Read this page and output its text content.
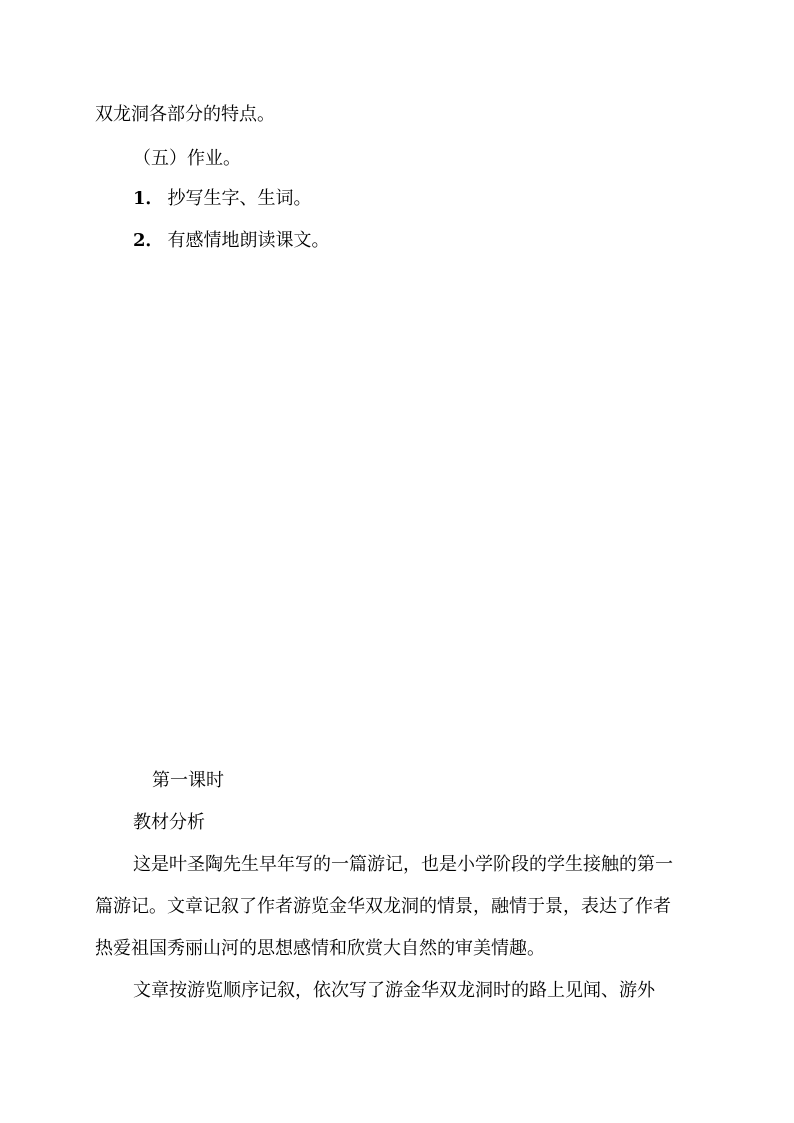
双龙洞各部分的特点。
（五）作业。
1． 抄写生字、生词。
2． 有感情地朗读课文。
第一课时
教材分析
这是叶圣陶先生早年写的一篇游记，也是小学阶段的学生接触的第一
篇游记。文章记叙了作者游览金华双龙洞的情景，融情于景，表达了作者
热爱祖国秀丽山河的思想感情和欣赏大自然的审美情趣。
文章按游览顺序记叙，依次写了游金华双龙洞时的路上见闻、游外
